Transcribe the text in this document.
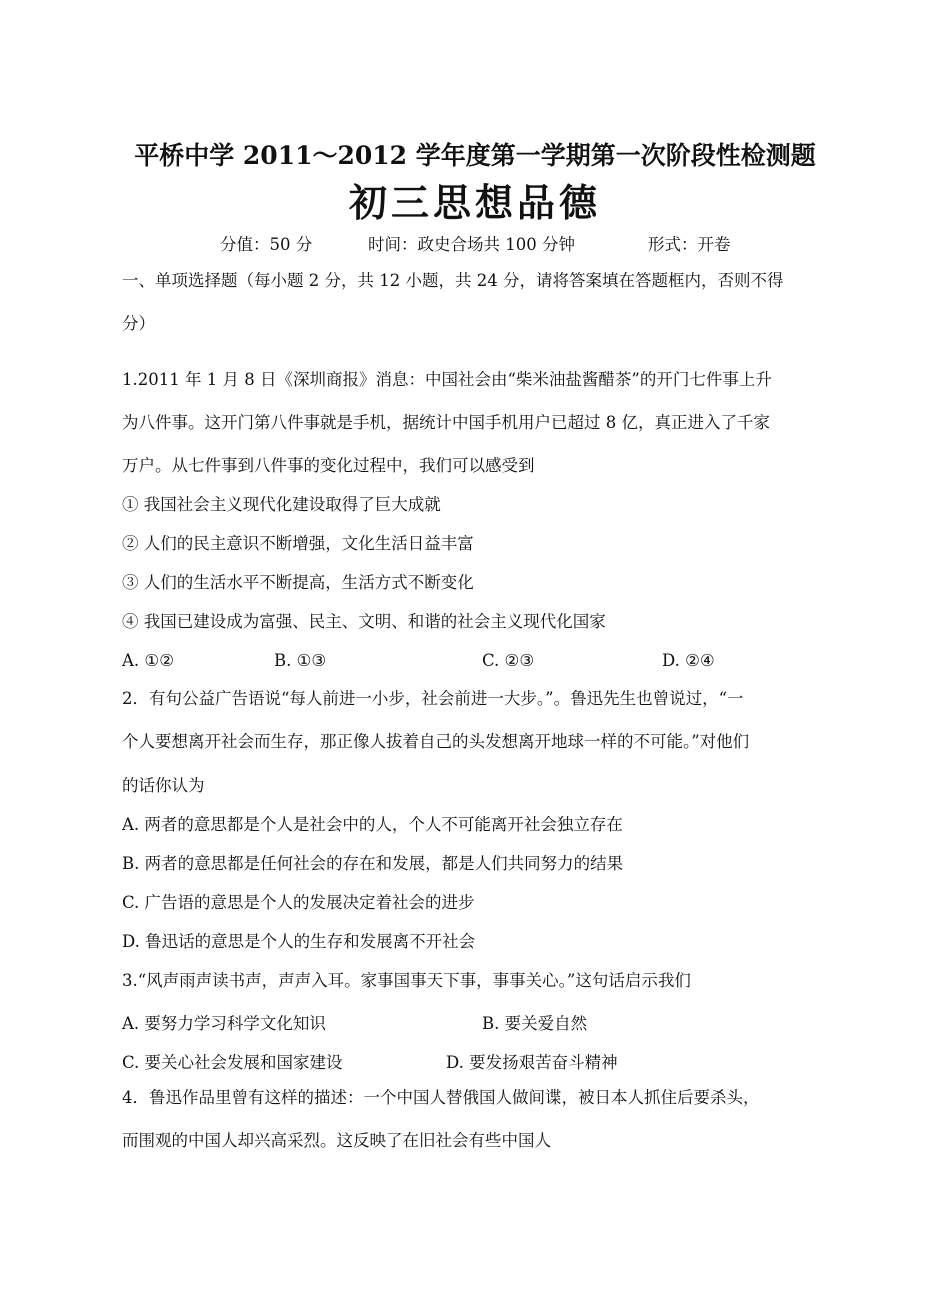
平桥中学 2011～2012 学年度第一学期第一次阶段性检测题
初三思想品德
分值：50 分	时间：政史合场共 100 分钟	形式：开卷
一、单项选择题（每小题 2 分，共 12 小题，共 24 分，请将答案填在答题框内，否则不得
分）
1.2011 年 1 月 8 日《深圳商报》消息：中国社会由“柴米油盐酱醋茶”的开门七件事上升
为八件事。这开门第八件事就是手机，据统计中国手机用户已超过 8 亿，真正进入了千家
万户。从七件事到八件事的变化过程中，我们可以感受到
① 我国社会主义现代化建设取得了巨大成就
② 人们的民主意识不断增强，文化生活日益丰富
③ 人们的生活水平不断提高，生活方式不断变化
④ 我国已建设成为富强、民主、文明、和谐的社会主义现代化国家
A. ①②	B. ①③	C. ②③	D. ②④
2．有句公益广告语说“每人前进一小步，社会前进一大步。”。鲁迅先生也曾说过，“一
个人要想离开社会而生存，那正像人拔着自己的头发想离开地球一样的不可能。”对他们
的话你认为
A. 两者的意思都是个人是社会中的人，个人不可能离开社会独立存在
B. 两者的意思都是任何社会的存在和发展，都是人们共同努力的结果
C. 广告语的意思是个人的发展决定着社会的进步
D. 鲁迅话的意思是个人的生存和发展离不开社会
3.“风声雨声读书声，声声入耳。家事国事天下事，事事关心。”这句话启示我们
A. 要努力学习科学文化知识	B. 要关爱自然
C. 要关心社会发展和国家建设	D. 要发扬艰苦奋斗精神
4．鲁迅作品里曾有这样的描述：一个中国人替俄国人做间谍，被日本人抓住后要杀头，
而围观的中国人却兴高采烈。这反映了在旧社会有些中国人
